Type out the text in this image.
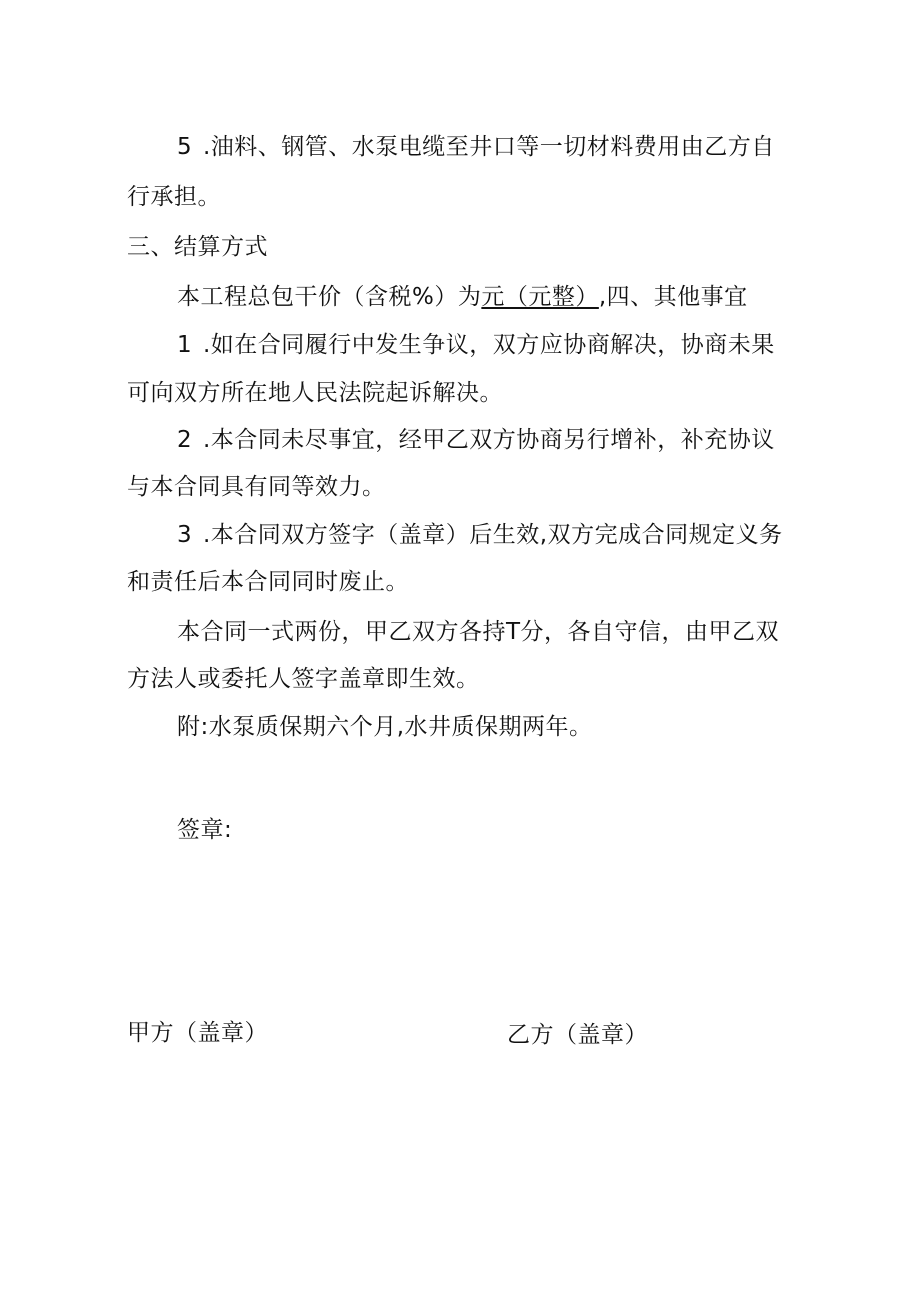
5 .油料、钢管、水泵电缆至井口等一切材料费用由乙方自
行承担。
三、结算方式
本工程总包干价（含税%）为元（元整）,四、其他事宜
1 .如在合同履行中发生争议，双方应协商解决，协商未果
可向双方所在地人民法院起诉解决。
2 .本合同未尽事宜，经甲乙双方协商另行增补，补充协议
与本合同具有同等效力。
3 .本合同双方签字（盖章）后生效,双方完成合同规定义务
和责任后本合同同时废止。
本合同一式两份，甲乙双方各持T分，各自守信，由甲乙双
方法人或委托人签字盖章即生效。
附:水泵质保期六个月,水井质保期两年。
签章:
甲方（盖章）	乙方（盖章）
